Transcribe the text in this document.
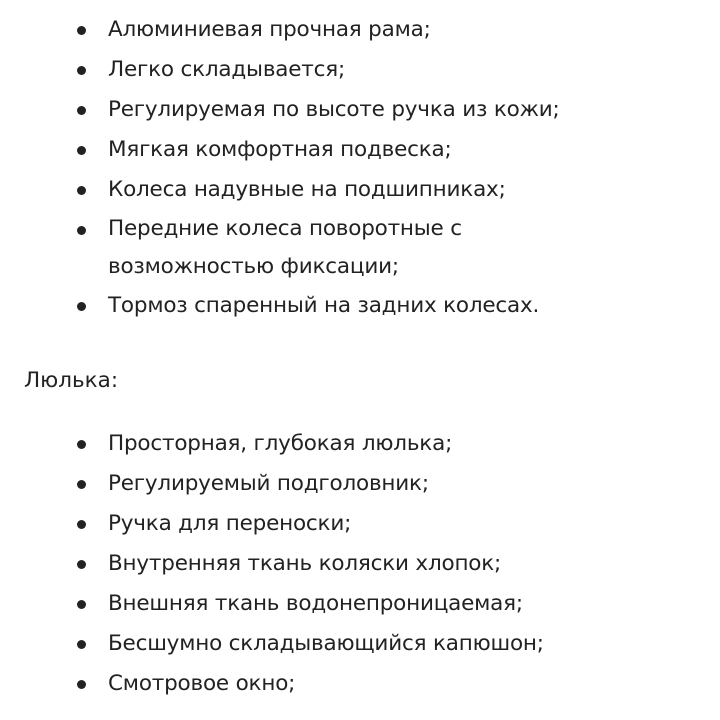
Алюминиевая прочная рама;
Легко складывается;
Регулируемая по высоте ручка из кожи;
Мягкая комфортная подвеска;
Колеса надувные на подшипниках;
Передние колеса поворотные с возможностью фиксации;
Тормоз спаренный на задних колесах.
Люлька:
Просторная, глубокая люлька;
Регулируемый подголовник;
Ручка для переноски;
Внутренняя ткань коляски хлопок;
Внешняя ткань водонепроницаемая;
Бесшумно складывающийся капюшон;
Смотровое окно;
